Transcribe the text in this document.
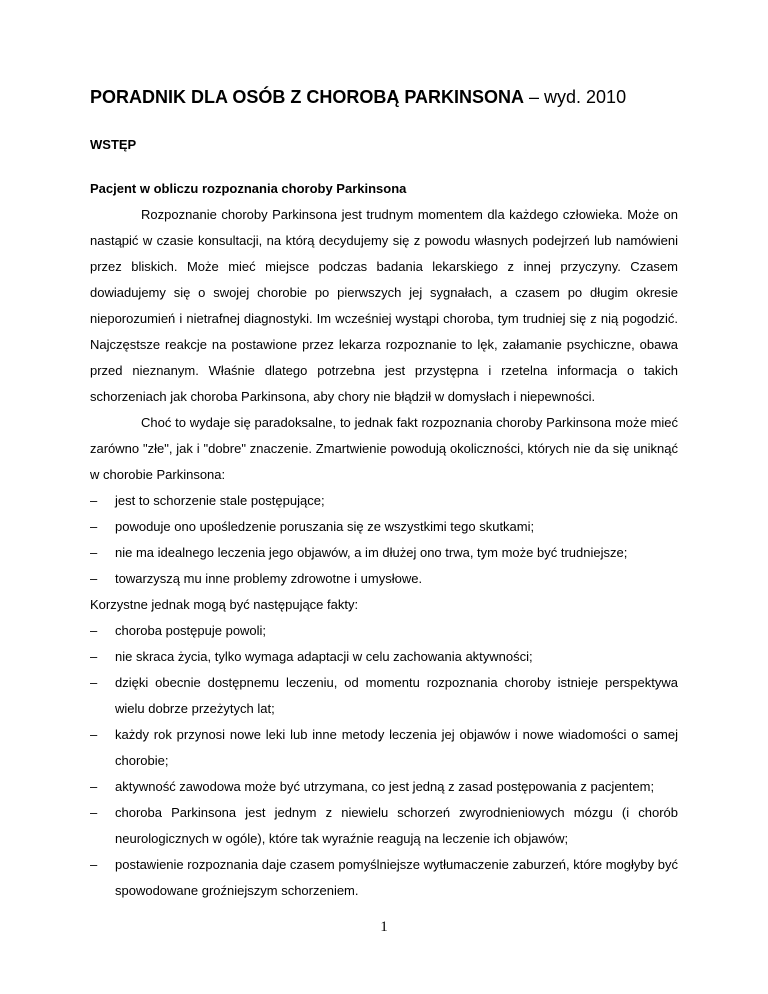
PORADNIK DLA OSÓB Z CHOROBĄ PARKINSONA – wyd. 2010
WSTĘP

Pacjent w obliczu rozpoznania choroby Parkinsona

Rozpoznanie choroby Parkinsona jest trudnym momentem dla każdego człowieka. Może on nastąpić w czasie konsultacji, na którą decydujemy się z powodu własnych podejrzeń lub namówieni przez bliskich. Może mieć miejsce podczas badania lekarskiego z innej przyczyny. Czasem dowiadujemy się o swojej chorobie po pierwszych jej sygnałach, a czasem po długim okresie nieporozumień i nietrafnej diagnostyki. Im wcześniej wystąpi choroba, tym trudniej się z nią pogodzić. Najczęstsze reakcje na postawione przez lekarza rozpoznanie to lęk, załamanie psychiczne, obawa przed nieznanym. Właśnie dlatego potrzebna jest przystępna i rzetelna informacja o takich schorzeniach jak choroba Parkinsona, aby chory nie błądził w domysłach i niepewności.

Choć to wydaje się paradoksalne, to jednak fakt rozpoznania choroby Parkinsona może mieć zarówno "złe", jak i "dobre" znaczenie. Zmartwienie powodują okoliczności, których nie da się uniknąć w chorobie Parkinsona:

– jest to schorzenie stale postępujące;
– powoduje ono upośledzenie poruszania się ze wszystkimi tego skutkami;
– nie ma idealnego leczenia jego objawów, a im dłużej ono trwa, tym może być trudniejsze;
– towarzyszą mu inne problemy zdrowotne i umysłowe.

Korzystne jednak mogą być następujące fakty:

– choroba postępuje powoli;
– nie skraca życia, tylko wymaga adaptacji w celu zachowania aktywności;
– dzięki obecnie dostępnemu leczeniu, od momentu rozpoznania choroby istnieje perspektywa wielu dobrze przeżytych lat;
– każdy rok przynosi nowe leki lub inne metody leczenia jej objawów i nowe wiadomości o samej chorobie;
– aktywność zawodowa może być utrzymana, co jest jedną z zasad postępowania z pacjentem;
– choroba Parkinsona jest jednym z niewielu schorzeń zwyrodnieniowych mózgu (i chorób neurologicznych w ogóle), które tak wyraźnie reagują na leczenie ich objawów;
– postawienie rozpoznania daje czasem pomyślniejsze wytłumaczenie zaburzeń, które mogłyby być spowodowane groźniejszym schorzeniem.
1
